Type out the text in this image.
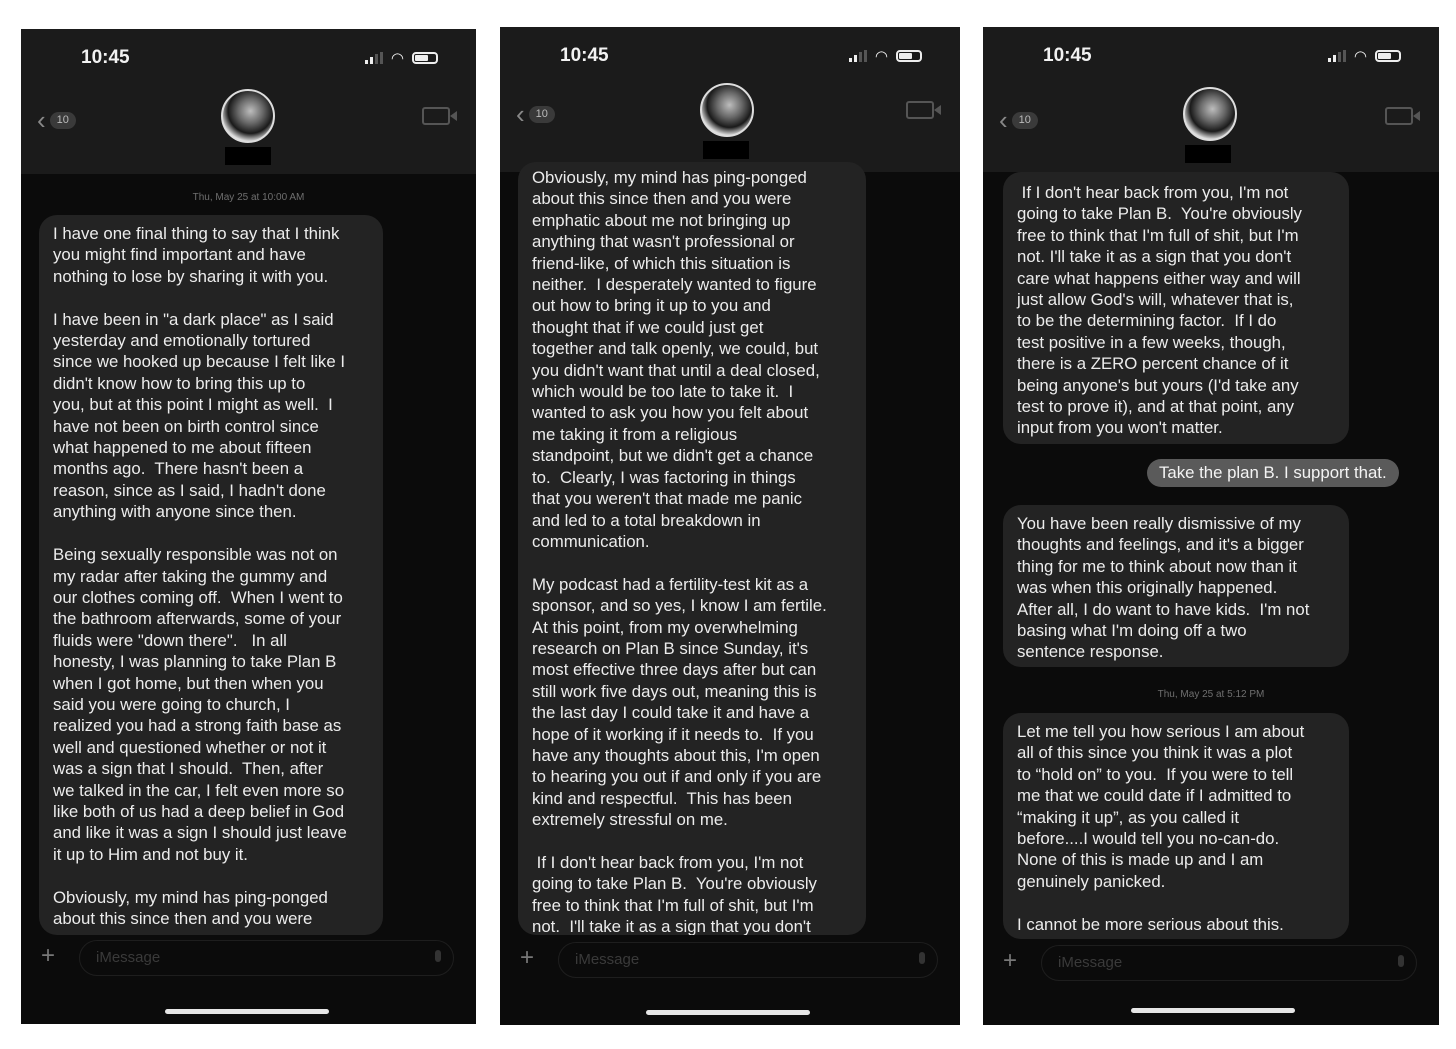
10:45	◠
‹	10
Thu, May 25 at 10:00 AM
I have one final thing to say that I think
you might find important and have
nothing to lose by sharing it with you.

I have been in "a dark place" as I said
yesterday and emotionally tortured
since we hooked up because I felt like I
didn't know how to bring this up to
you, but at this point I might as well.  I
have not been on birth control since
what happened to me about fifteen
months ago.  There hasn't been a
reason, since as I said, I hadn't done
anything with anyone since then.

Being sexually responsible was not on
my radar after taking the gummy and
our clothes coming off.  When I went to
the bathroom afterwards, some of your
fluids were "down there".   In all
honesty, I was planning to take Plan B
when I got home, but then when you
said you were going to church, I
realized you had a strong faith base as
well and questioned whether or not it
was a sign that I should.  Then, after
we talked in the car, I felt even more so
like both of us had a deep belief in God
and like it was a sign I should just leave
it up to Him and not buy it.

Obviously, my mind has ping-ponged
about this since then and you were
+	iMessage
10:45	◠
‹	10
Obviously, my mind has ping-ponged
about this since then and you were
emphatic about me not bringing up
anything that wasn't professional or
friend-like, of which this situation is
neither.  I desperately wanted to figure
out how to bring it up to you and
thought that if we could just get
together and talk openly, we could, but
you didn't want that until a deal closed,
which would be too late to take it.  I
wanted to ask you how you felt about
me taking it from a religious
standpoint, but we didn't get a chance
to.  Clearly, I was factoring in things
that you weren't that made me panic
and led to a total breakdown in
communication.

My podcast had a fertility-test kit as a
sponsor, and so yes, I know I am fertile.
At this point, from my overwhelming
research on Plan B since Sunday, it's
most effective three days after but can
still work five days out, meaning this is
the last day I could take it and have a
hope of it working if it needs to.  If you
have any thoughts about this, I'm open
to hearing you out if and only if you are
kind and respectful.  This has been
extremely stressful on me.

If I don't hear back from you, I'm not
going to take Plan B.  You're obviously
free to think that I'm full of shit, but I'm
not.  I'll take it as a sign that you don't
+	iMessage
10:45	◠
‹	10
If I don't hear back from you, I'm not
going to take Plan B.  You're obviously
free to think that I'm full of shit, but I'm
not. I'll take it as a sign that you don't
care what happens either way and will
just allow God's will, whatever that is,
to be the determining factor.  If I do
test positive in a few weeks, though,
there is a ZERO percent chance of it
being anyone's but yours (I'd take any
test to prove it), and at that point, any
input from you won't matter.
Take the plan B. I support that.
You have been really dismissive of my
thoughts and feelings, and it's a bigger
thing for me to think about now than it
was when this originally happened.
After all, I do want to have kids.  I'm not
basing what I'm doing off a two
sentence response.
Thu, May 25 at 5:12 PM
Let me tell you how serious I am about
all of this since you think it was a plot
to “hold on” to you.  If you were to tell
me that we could date if I admitted to
“making it up”, as you called it
before....I would tell you no-can-do.
None of this is made up and I am
genuinely panicked.

I cannot be more serious about this.
+	iMessage
